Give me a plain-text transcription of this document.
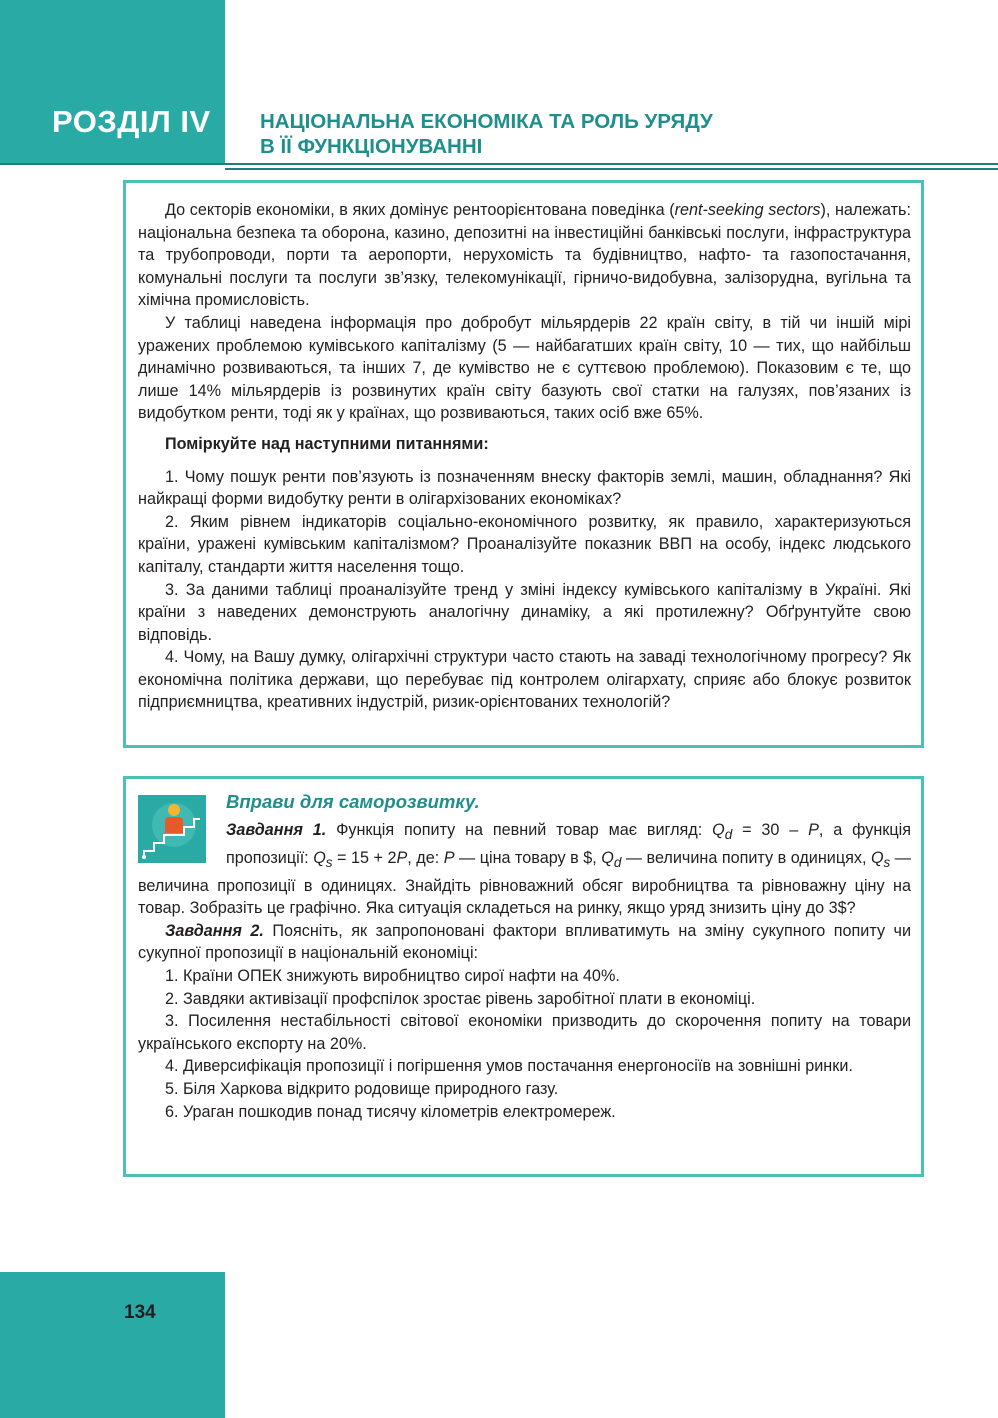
РОЗДІЛ IV НАЦІОНАЛЬНА ЕКОНОМІКА ТА РОЛЬ УРЯДУ
В ЇЇ ФУНКЦІОНУВАННІ

До секторів економіки, в яких домінує рентоорієнтована поведінка (rent-seeking sectors), належать: національна безпека та оборона, казино, депозитні на інвестиційні банківські послуги, інфраструктура та трубопроводи, порти та аеропорти, нерухомість та будівництво, нафто- та газопостачання, комунальні послуги та послуги зв’язку, телекомунікації, гірничо-видобувна, залізорудна, вугільна та хімічна промисловість.

У таблиці наведена інформація про добробут мільярдерів 22 країн світу, в тій чи іншій мірі уражених проблемою кумівського капіталізму (5 — найбагатших країн світу, 10 — тих, що найбільш динамічно розвиваються, та інших 7, де кумівство не є суттєвою проблемою). Показовим є те, що лише 14% мільярдерів із розвинутих країн світу базують свої статки на галузях, пов’язаних із видобутком ренти, тоді як у країнах, що розвиваються, таких осіб вже 65%.

Поміркуйте над наступними питаннями:

1. Чому пошук ренти пов’язують із позначенням внеску факторів землі, машин, обладнання? Які найкращі форми видобутку ренти в олігархізованих економіках?

2. Яким рівнем індикаторів соціально-економічного розвитку, як правило, характеризуються країни, уражені кумівським капіталізмом? Проаналізуйте показник ВВП на особу, індекс людського капіталу, стандарти життя населення тощо.

3. За даними таблиці проаналізуйте тренд у зміні індексу кумівського капіталізму в Україні. Які країни з наведених демонструють аналогічну динаміку, а які протилежну? Обґрунтуйте свою відповідь.

4. Чому, на Вашу думку, олігархічні структури часто стають на заваді технологічному прогресу? Як економічна політика держави, що перебуває під контролем олігархату, сприяє або блокує розвиток підприємництва, креативних індустрій, ризик-орієнтованих технологій?

Вправи для саморозвитку.

Завдання 1. Функція попиту на певний товар має вигляд: $Q_d = 30 - P$, а функція пропозиції: $Q_s = 15 + 2P$, де: P — ціна товару в $, $Q_d$ — величина попиту в одиницях, $Q_s$ — величина пропозиції в одиницях. Знайдіть рівноважний обсяг виробництва та рівноважну ціну на товар. Зобразіть це графічно. Яка ситуація складеться на ринку, якщо уряд знизить ціну до 3$?

Завдання 2. Поясніть, як запропоновані фактори впливатимуть на зміну сукупного попиту чи сукупної пропозиції в національній економіці:

1. Країни ОПЕК знижують виробництво сирої нафти на 40%.

2. Завдяки активізації профспілок зростає рівень заробітної плати в економіці.

3. Посилення нестабільності світової економіки призводить до скорочення попиту на товари українського експорту на 20%.

4. Диверсифікація пропозиції і погіршення умов постачання енергоносіїв на зовнішні ринки.

5. Біля Харкова відкрито родовище природного газу.

6. Ураган пошкодив понад тисячу кілометрів електромереж.

134
